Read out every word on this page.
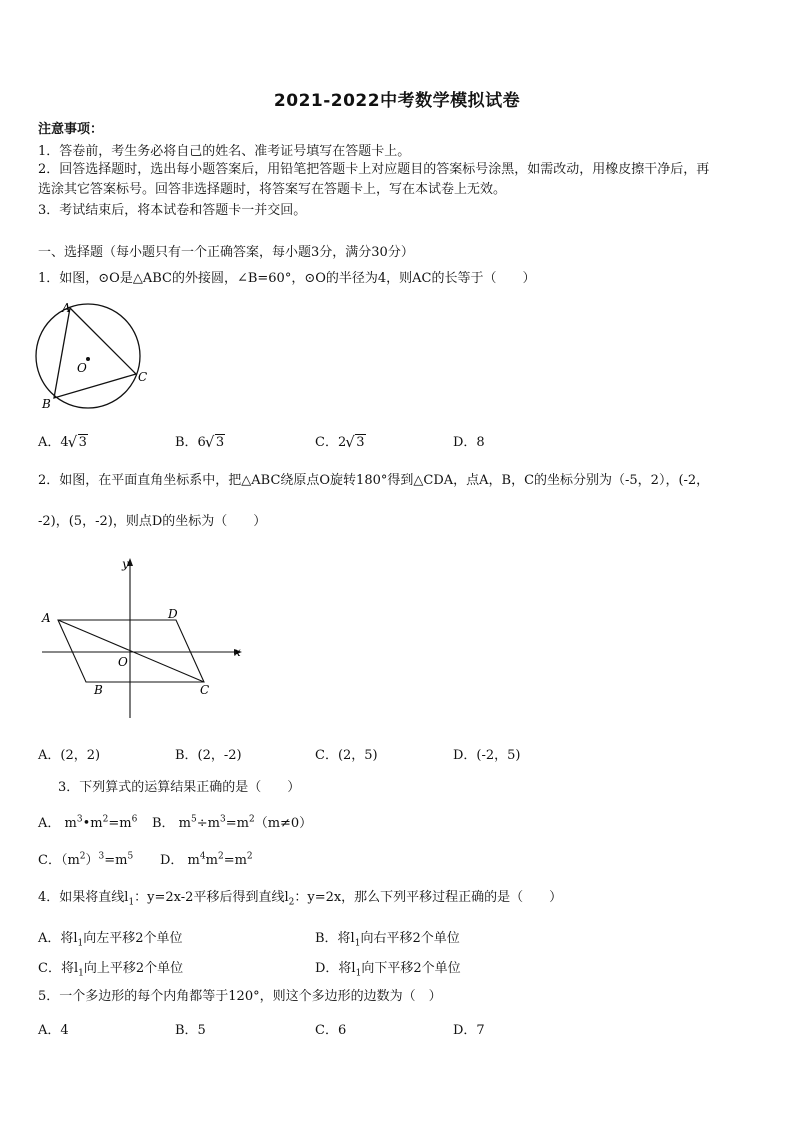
2021-2022中考数学模拟试卷
注意事项：
1．答卷前，考生务必将自己的姓名、准考证号填写在答题卡上。
2．回答选择题时，选出每小题答案后，用铅笔把答题卡上对应题目的答案标号涂黑，如需改动，用橡皮擦干净后，再
选涂其它答案标号。回答非选择题时，将答案写在答题卡上，写在本试卷上无效。
3．考试结束后，将本试卷和答题卡一并交回。
一、选择题（每小题只有一个正确答案，每小题3分，满分30分）
1．如图，⊙O是△ABC的外接圆，∠B=60°，⊙O的半径为4，则AC的长等于（　　）
A
O
C
B
A．4 √ 3	B．6 √ 3	C．2 √ 3	D．8
2．如图，在平面直角坐标系中，把△ABC绕原点O旋转180°得到△CDA，点A，B，C的坐标分别为（-5，2），(-2，
-2)，(5，-2)，则点D的坐标为（　　）
A	D
O
x
y
B	C
A．(2，2)	B．(2，-2)	C．(2，5)	D．(-2，5)
3．下列算式的运算结果正确的是（　　）
A． $m^3•m^2=m^6$ B． $m^5\div m^3=m^2(m\ne 0)$
C．$(m^2)^3=m^5$ D． $m^4m^2=m^2$
4．如果将直线$l_1$：y=2x-2平移后得到直线$l_2$：y=2x，那么下列平移过程正确的是（　　）
A．将$l_1$向左平移2个单位	B．将$l_1$向右平移2个单位
C．将$l_1$向上平移2个单位	D．将$l_1$向下平移2个单位
5．一个多边形的每个内角都等于120°，则这个多边形的边数为（　）
A．4	B．5	C．6	D．7
